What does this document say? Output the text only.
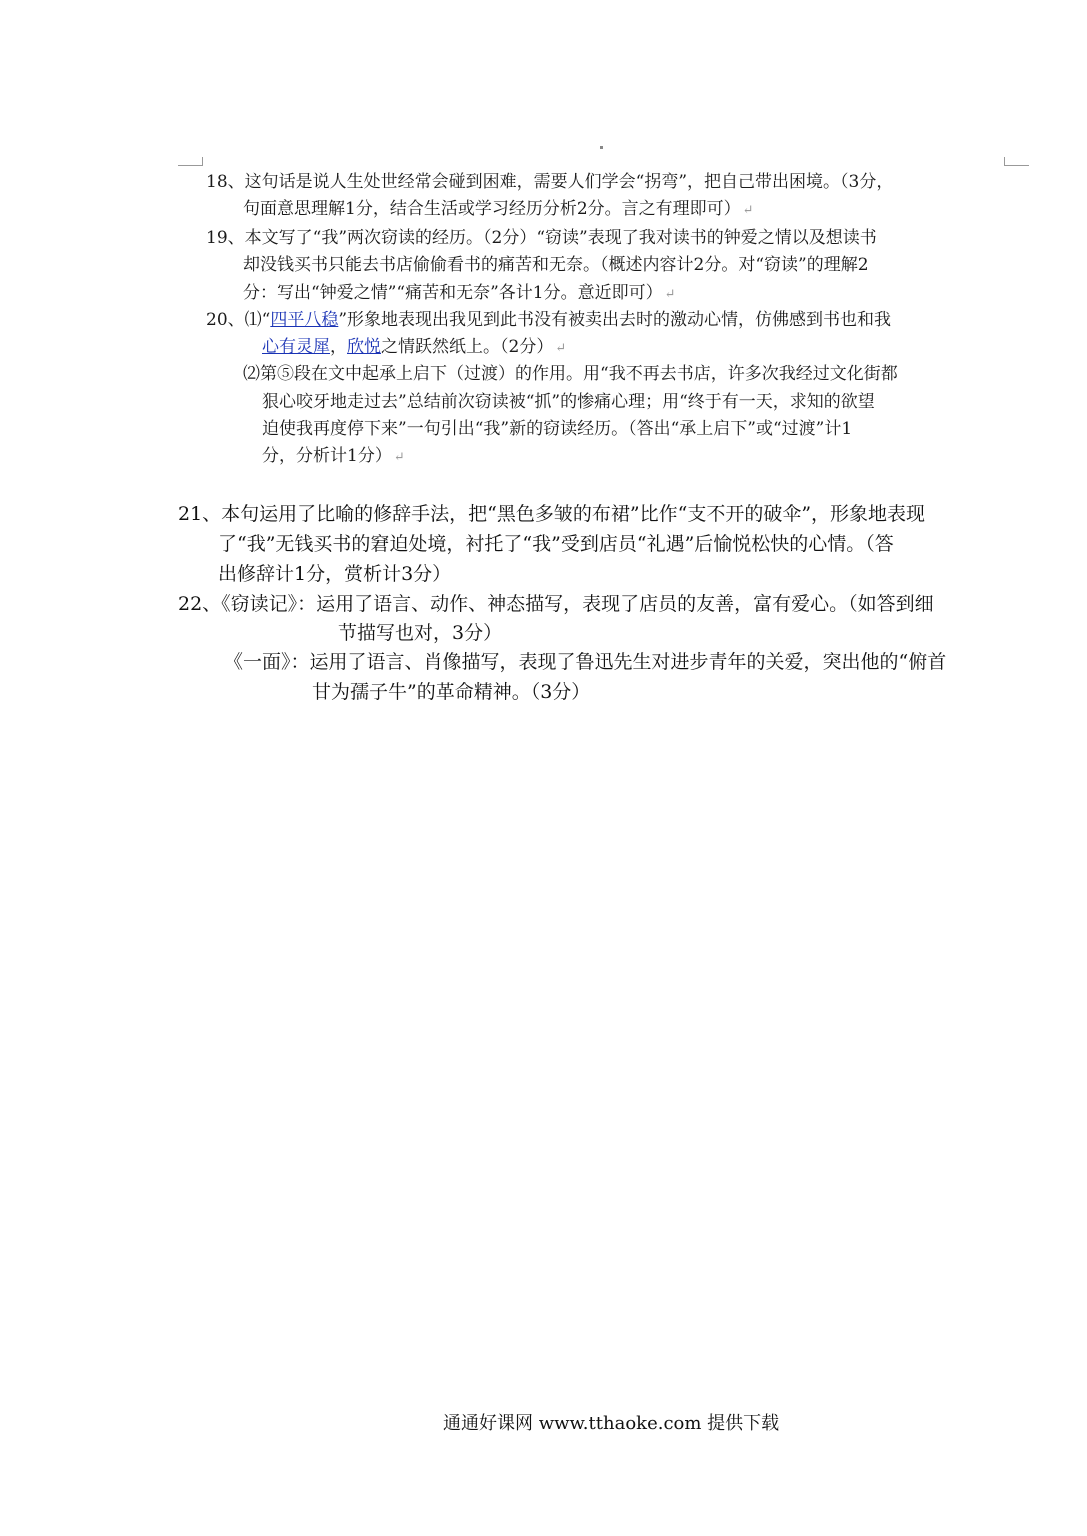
18、这句话是说人生处世经常会碰到困难，需要人们学会“拐弯”，把自己带出困境。（3分，
句面意思理解1分，结合生活或学习经历分析2分。言之有理即可） ↵
19、本文写了“我”两次窃读的经历。（2分）“窃读”表现了我对读书的钟爱之情以及想读书
却没钱买书只能去书店偷偷看书的痛苦和无奈。（概述内容计2分。对“窃读”的理解2
分：写出“钟爱之情”“痛苦和无奈”各计1分。意近即可） ↵
20、⑴“四平八稳”形象地表现出我见到此书没有被卖出去时的激动心情，仿佛感到书也和我
心有灵犀，欣悦之情跃然纸上。（2分） ↵
⑵第⑤段在文中起承上启下（过渡）的作用。用“我不再去书店，许多次我经过文化街都
狠心咬牙地走过去”总结前次窃读被“抓”的惨痛心理；用“终于有一天，求知的欲望
迫使我再度停下来”一句引出“我”新的窃读经历。（答出“承上启下”或“过渡”计1
分，分析计1分） ↵
21、本句运用了比喻的修辞手法，把“黑色多皱的布裙”比作“支不开的破伞”，形象地表现
了“我”无钱买书的窘迫处境，衬托了“我”受到店员“礼遇”后愉悦松快的心情。（答
出修辞计1分，赏析计3分）
22、《窃读记》：运用了语言、动作、神态描写，表现了店员的友善，富有爱心。（如答到细
节描写也对，3分）
《一面》：运用了语言、肖像描写，表现了鲁迅先生对进步青年的关爱，突出他的“俯首
甘为孺子牛”的革命精神。（3分）
通通好课网 www.tthaoke.com 提供下载
